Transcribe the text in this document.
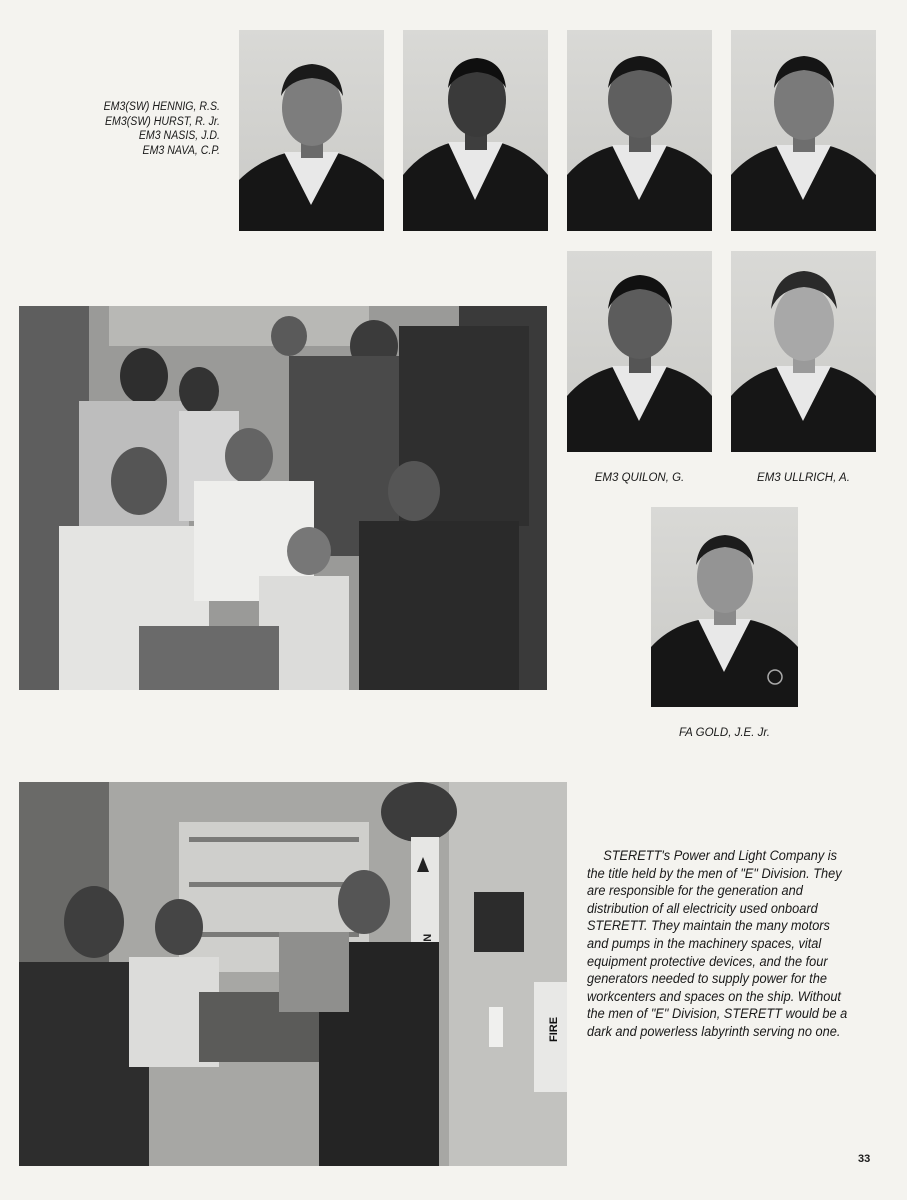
EM3(SW) HENNIG, R.S.
EM3(SW) HURST, R. Jr.
EM3 NASIS, J.D.
EM3 NAVA, C.P.
EM3 QUILON, G.	EM3 ULLRICH, A.
FA GOLD, J.E. Jr.
FIRE
STERETT's Power and Light Company is the title held by the men of "E" Division. They are responsible for the generation and distribution of all electricity used onboard STERETT. They maintain the many motors and pumps in the machinery spaces, vital equipment protective devices, and the four generators needed to supply power for the workcenters and spaces on the ship. Without the men of "E" Division, STERETT would be a dark and powerless labyrinth serving no one.
33
